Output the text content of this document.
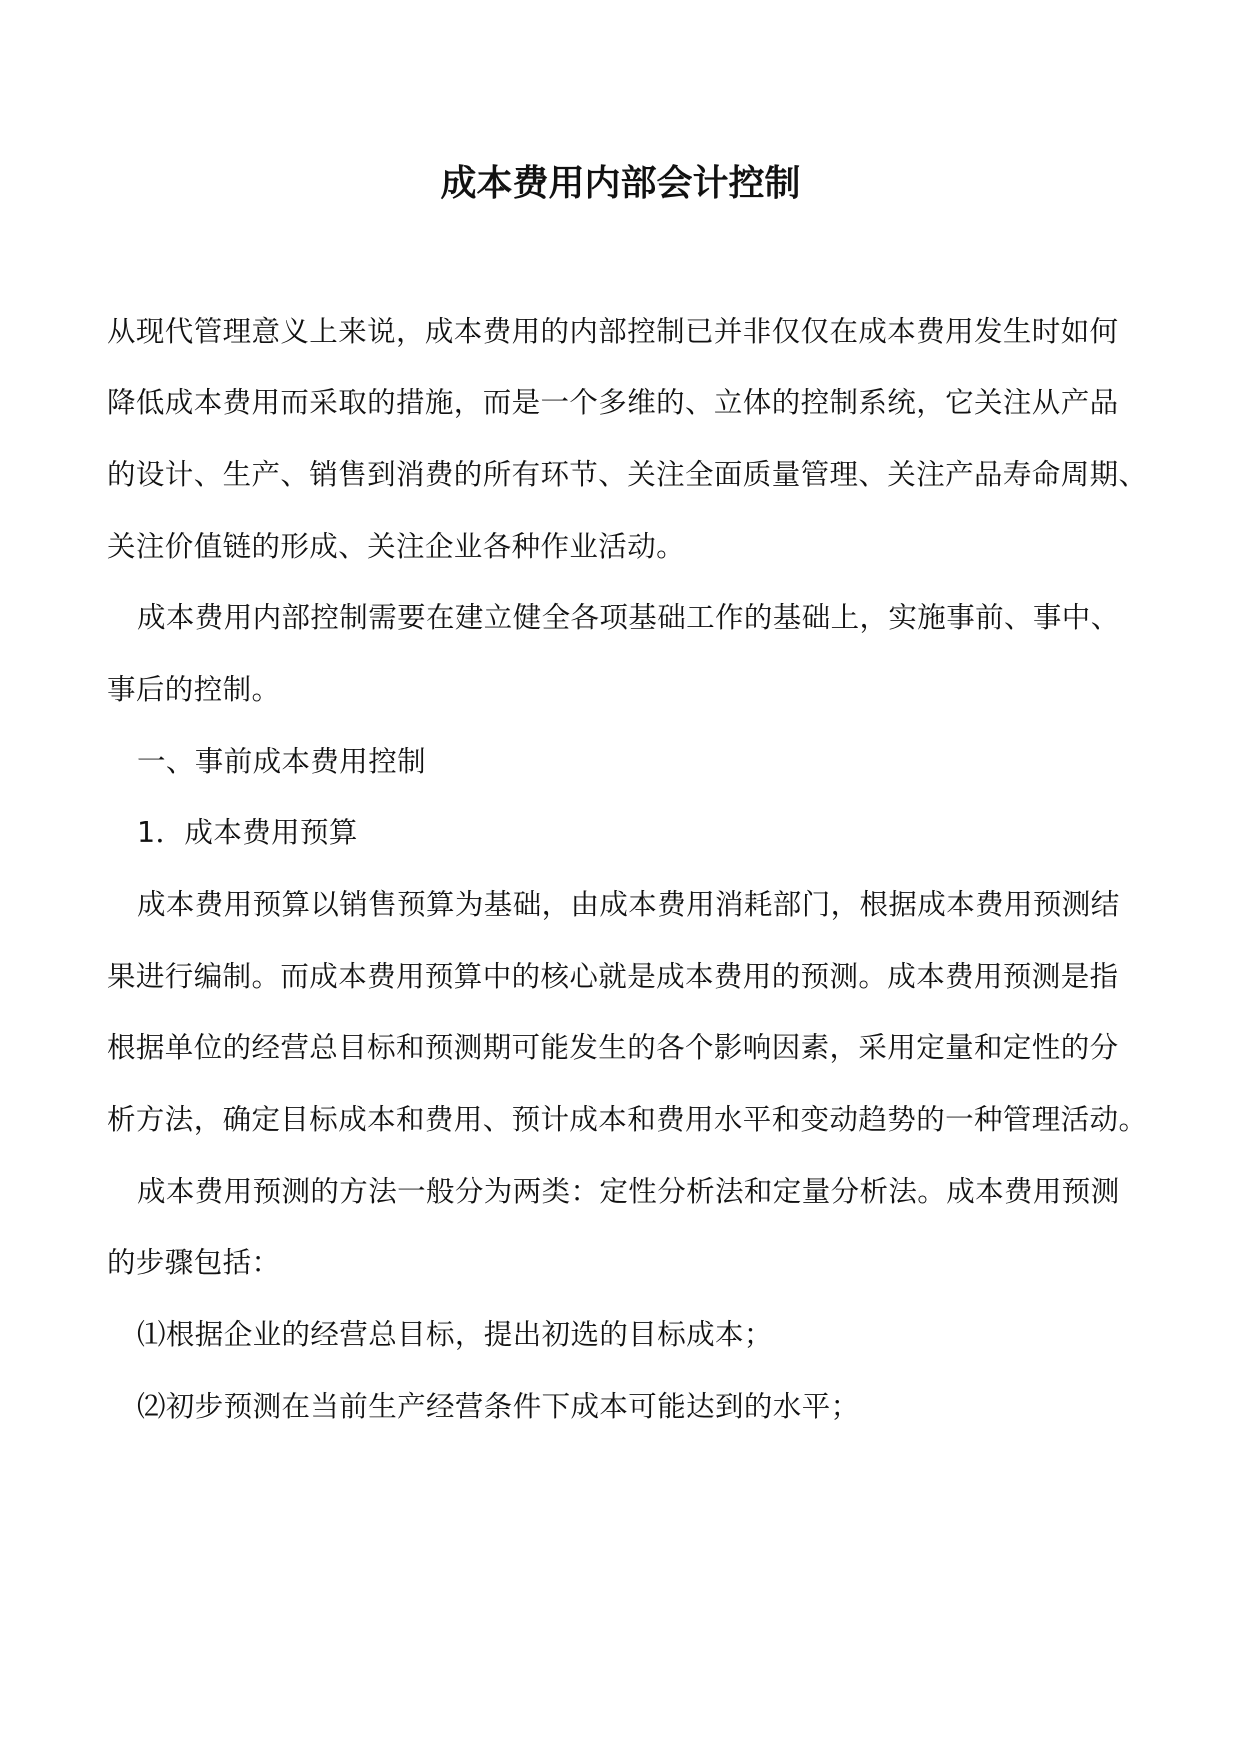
成本费用内部会计控制
从现代管理意义上来说，成本费用的内部控制已并非仅仅在成本费用发生时如何
降低成本费用而采取的措施，而是一个多维的、立体的控制系统，它关注从产品
的设计、生产、销售到消费的所有环节、关注全面质量管理、关注产品寿命周期、
关注价值链的形成、关注企业各种作业活动。
成本费用内部控制需要在建立健全各项基础工作的基础上，实施事前、事中、
事后的控制。
一、事前成本费用控制
1．成本费用预算
成本费用预算以销售预算为基础，由成本费用消耗部门，根据成本费用预测结
果进行编制。而成本费用预算中的核心就是成本费用的预测。成本费用预测是指
根据单位的经营总目标和预测期可能发生的各个影响因素，采用定量和定性的分
析方法，确定目标成本和费用、预计成本和费用水平和变动趋势的一种管理活动。
成本费用预测的方法一般分为两类：定性分析法和定量分析法。成本费用预测
的步骤包括：
⑴根据企业的经营总目标，提出初选的目标成本；
⑵初步预测在当前生产经营条件下成本可能达到的水平；
